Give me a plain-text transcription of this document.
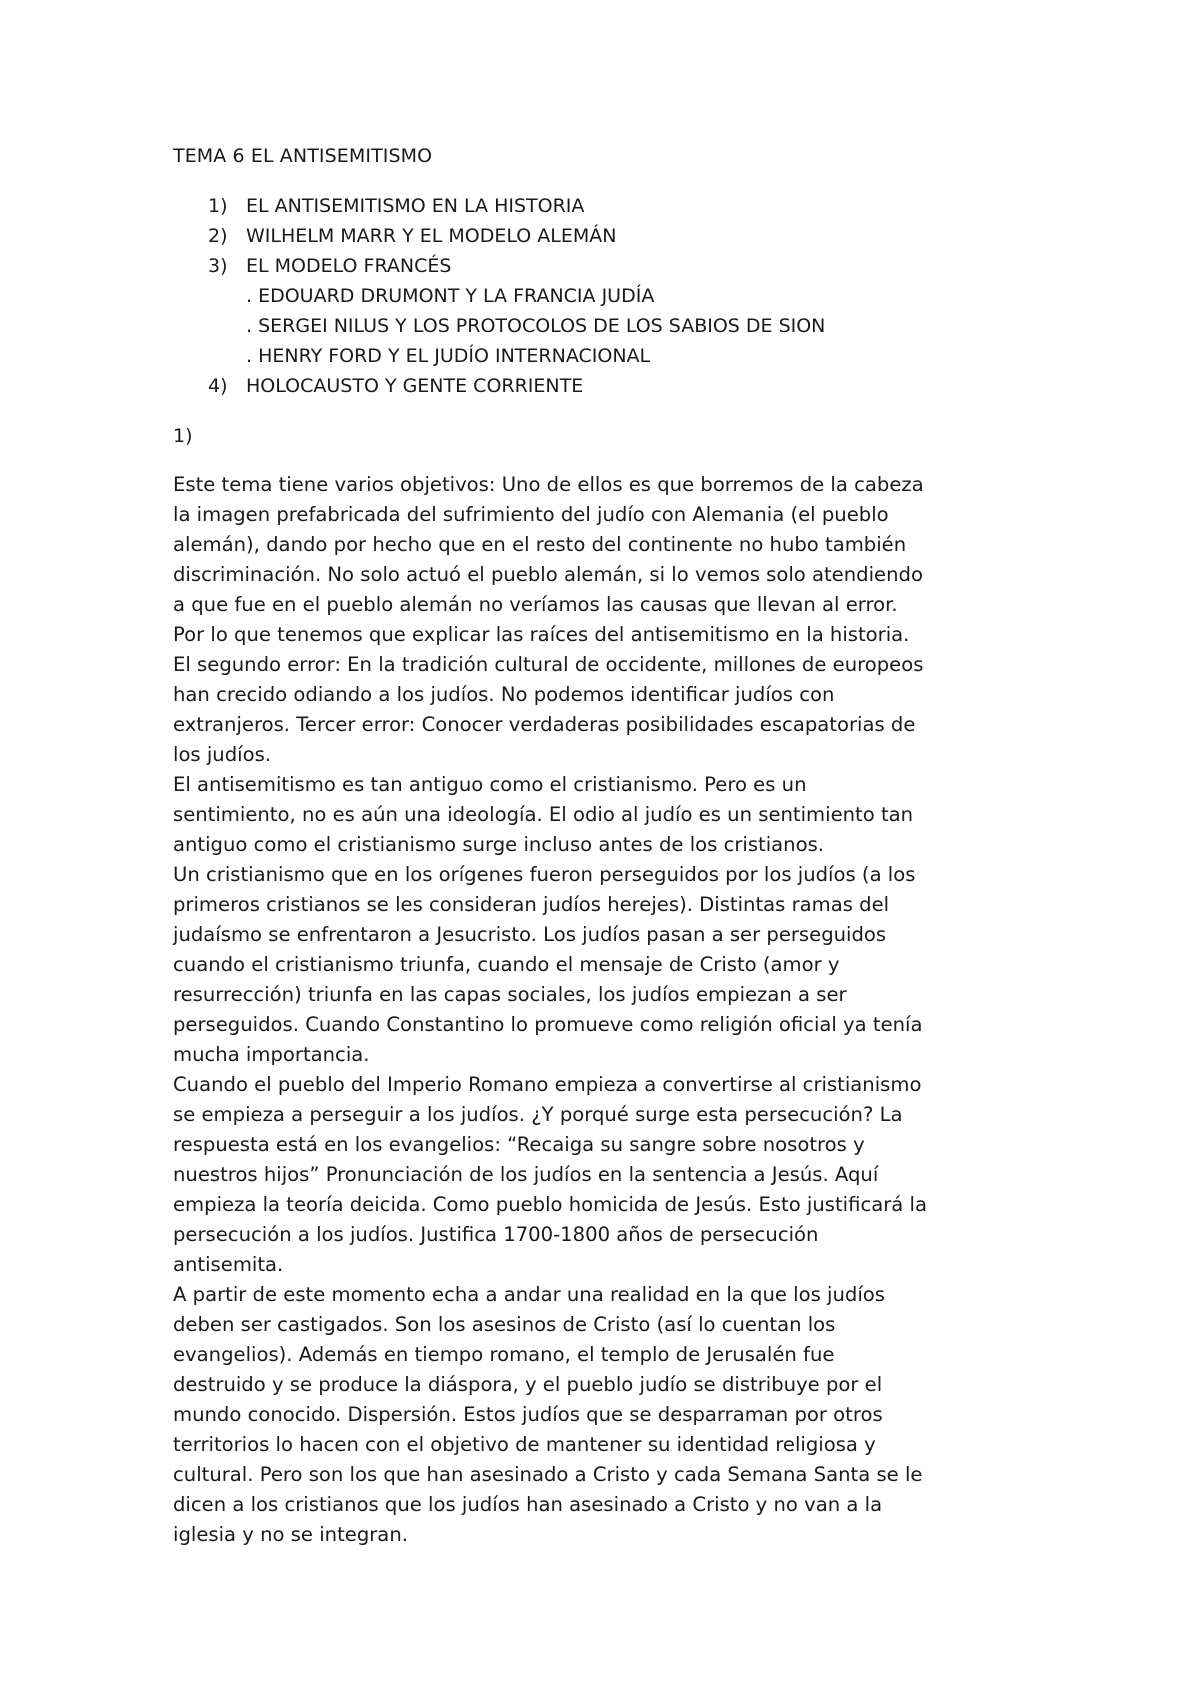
TEMA 6 EL ANTISEMITISMO
1) EL ANTISEMITISMO EN LA HISTORIA
2) WILHELM MARR Y EL MODELO ALEMÁN
3) EL MODELO FRANCÉS
. EDOUARD DRUMONT Y LA FRANCIA JUDÍA
. SERGEI NILUS Y LOS PROTOCOLOS DE LOS SABIOS DE SION
. HENRY FORD Y EL JUDÍO INTERNACIONAL
4) HOLOCAUSTO Y GENTE CORRIENTE
1)
Este tema tiene varios objetivos: Uno de ellos es que borremos de la cabeza
la imagen prefabricada del sufrimiento del judío con Alemania (el pueblo
alemán), dando por hecho que en el resto del continente no hubo también
discriminación. No solo actuó el pueblo alemán, si lo vemos solo atendiendo
a que fue en el pueblo alemán no veríamos las causas que llevan al error.
Por lo que tenemos que explicar las raíces del antisemitismo en la historia.
El segundo error: En la tradición cultural de occidente, millones de europeos
han crecido odiando a los judíos. No podemos identificar judíos con
extranjeros. Tercer error: Conocer verdaderas posibilidades escapatorias de
los judíos.
El antisemitismo es tan antiguo como el cristianismo. Pero es un
sentimiento, no es aún una ideología. El odio al judío es un sentimiento tan
antiguo como el cristianismo surge incluso antes de los cristianos.
Un cristianismo que en los orígenes fueron perseguidos por los judíos (a los
primeros cristianos se les consideran judíos herejes). Distintas ramas del
judaísmo se enfrentaron a Jesucristo. Los judíos pasan a ser perseguidos
cuando el cristianismo triunfa, cuando el mensaje de Cristo (amor y
resurrección) triunfa en las capas sociales, los judíos empiezan a ser
perseguidos. Cuando Constantino lo promueve como religión oficial ya tenía
mucha importancia.
Cuando el pueblo del Imperio Romano empieza a convertirse al cristianismo
se empieza a perseguir a los judíos. ¿Y porqué surge esta persecución? La
respuesta está en los evangelios: “Recaiga su sangre sobre nosotros y
nuestros hijos” Pronunciación de los judíos en la sentencia a Jesús. Aquí
empieza la teoría deicida. Como pueblo homicida de Jesús. Esto justificará la
persecución a los judíos. Justifica 1700-1800 años de persecución
antisemita.
A partir de este momento echa a andar una realidad en la que los judíos
deben ser castigados. Son los asesinos de Cristo (así lo cuentan los
evangelios). Además en tiempo romano, el templo de Jerusalén fue
destruido y se produce la diáspora, y el pueblo judío se distribuye por el
mundo conocido. Dispersión. Estos judíos que se desparraman por otros
territorios lo hacen con el objetivo de mantener su identidad religiosa y
cultural. Pero son los que han asesinado a Cristo y cada Semana Santa se le
dicen a los cristianos que los judíos han asesinado a Cristo y no van a la
iglesia y no se integran.
